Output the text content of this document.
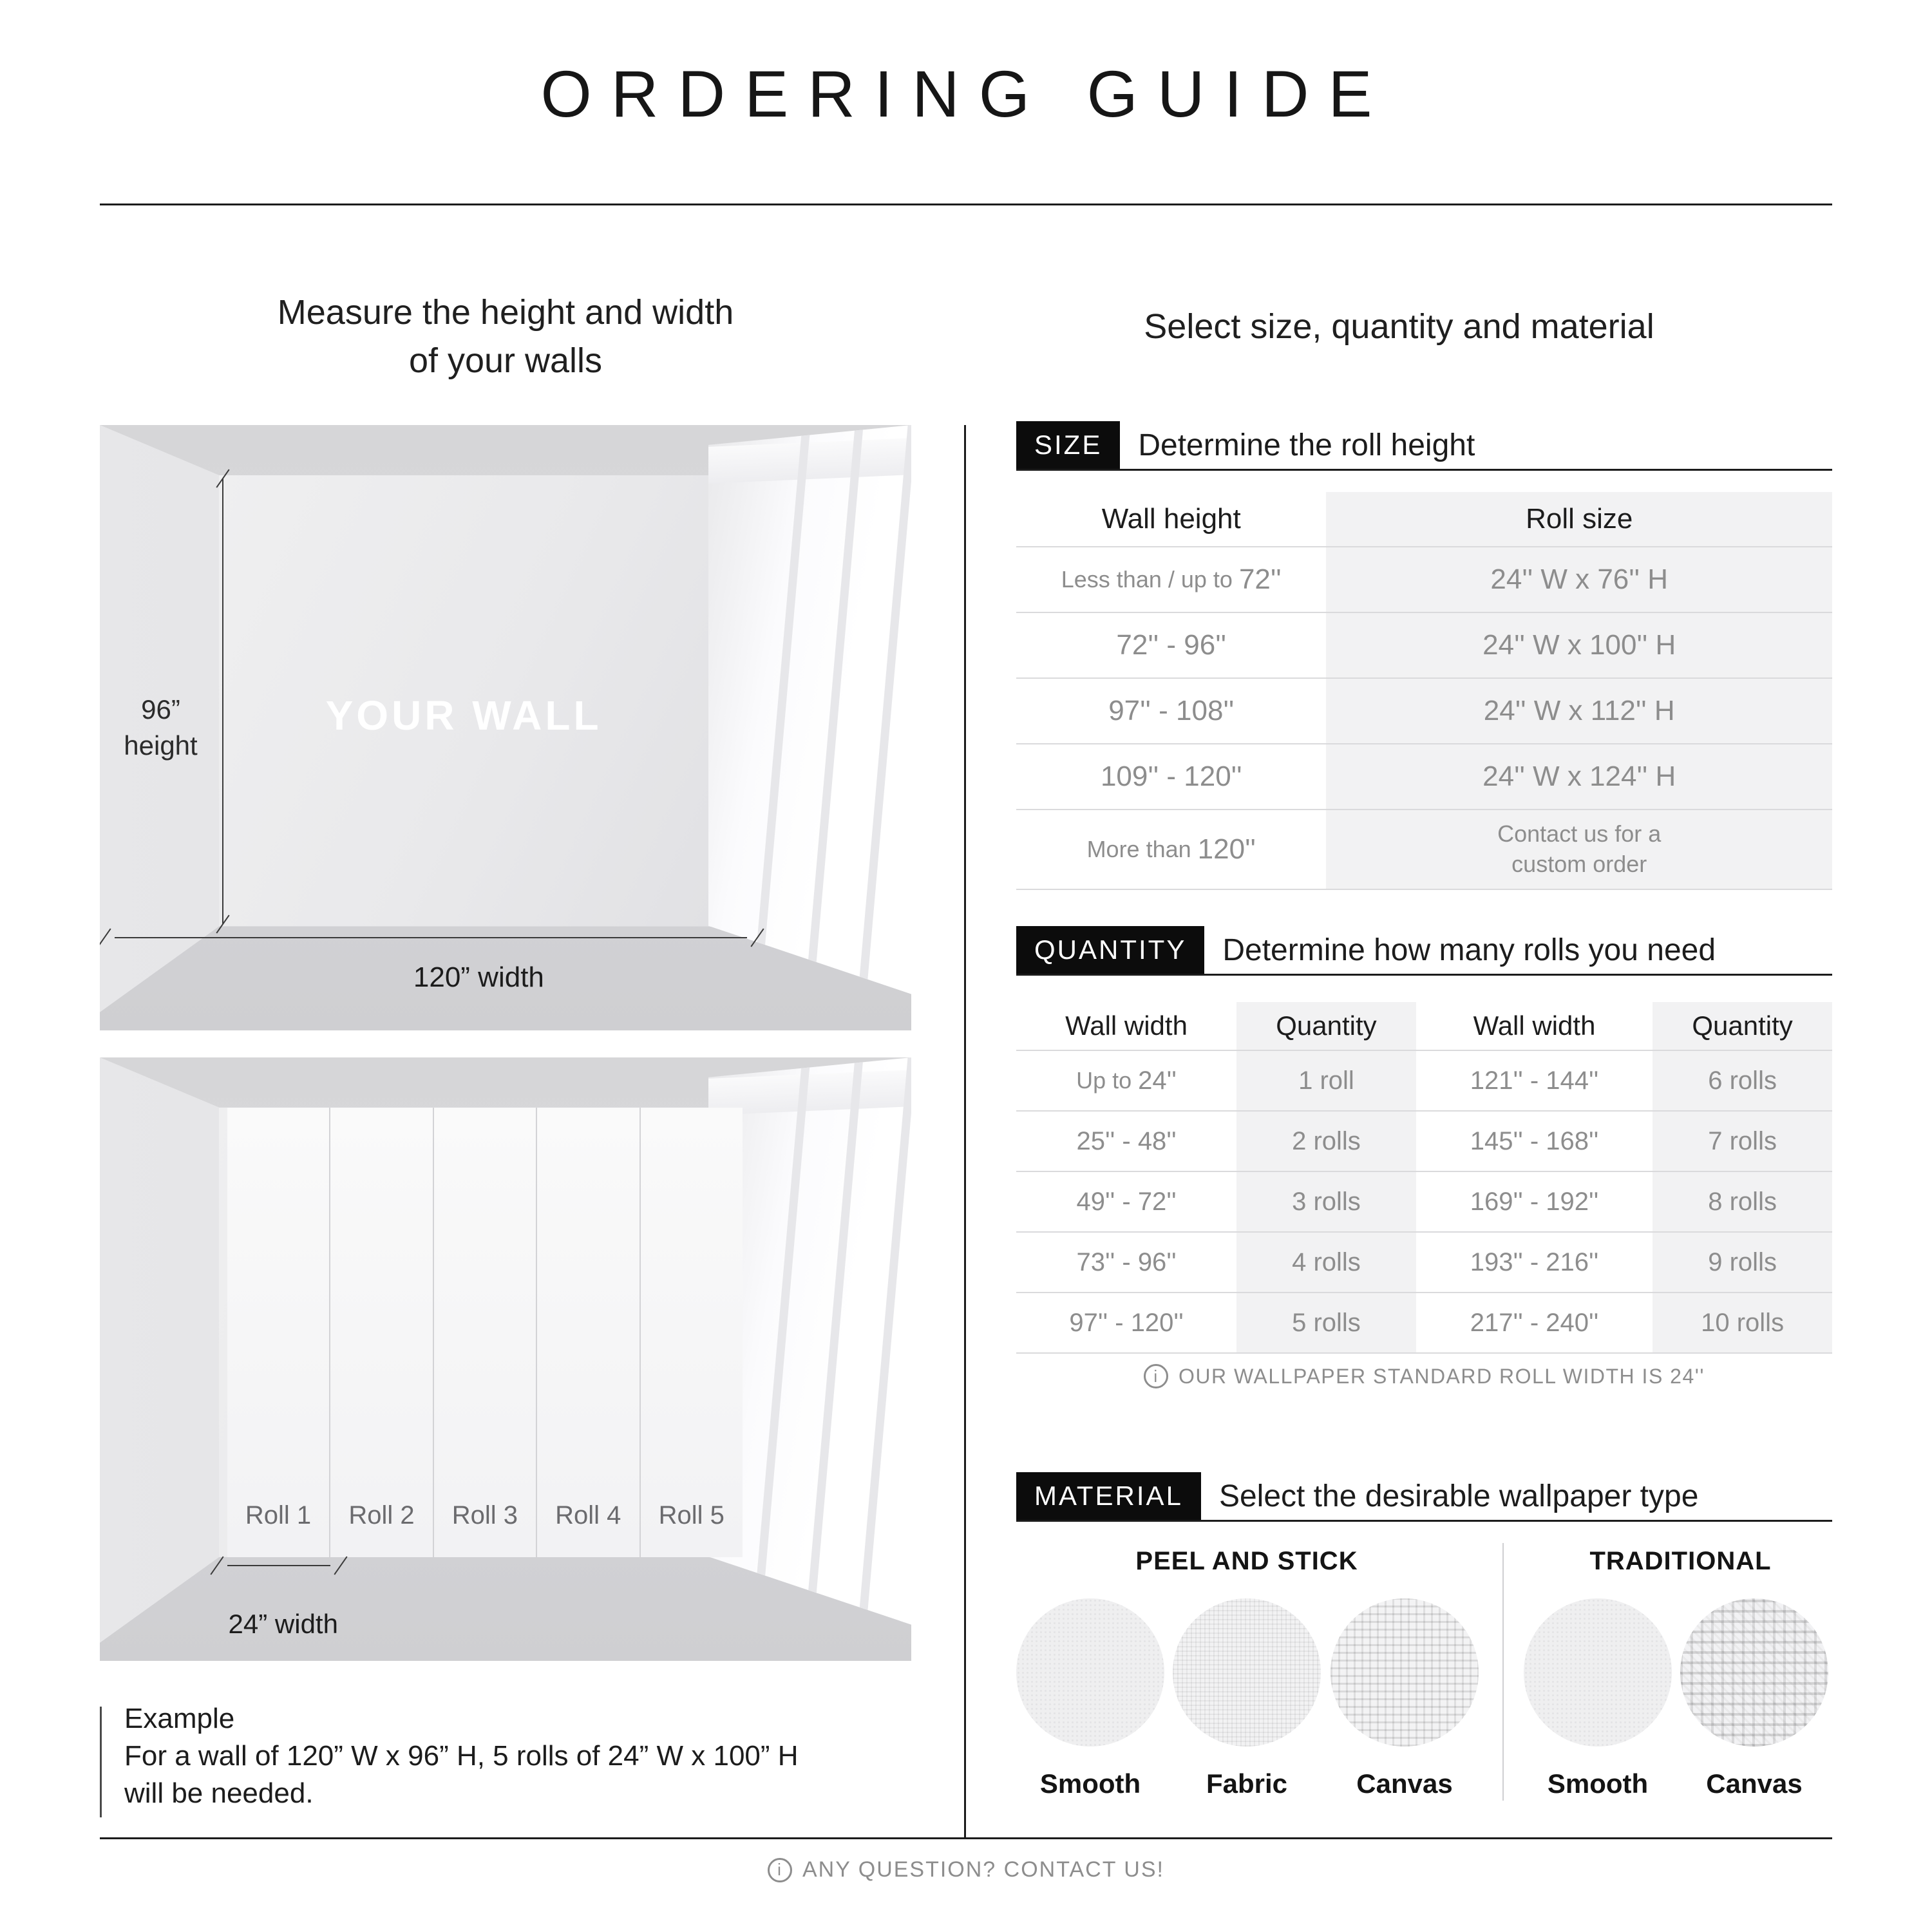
ORDERING GUIDE
Measure the height and width
of your walls
Select size, quantity and material
96”
height
YOUR WALL
120” width
Roll 1 Roll 2 Roll 3 Roll 4 Roll 5
24” width
Example
For a wall of 120” W x 96” H, 5 rolls of 24” W x 100” H
will be needed.
SIZE	Determine the roll height
Wall height	Roll size
Less than / up to 72''	24'' W x 76'' H
72'' - 96''	24'' W x 100'' H
97'' - 108''	24'' W x 112'' H
109'' - 120''	24'' W x 124'' H
More than 120''	Contact us for a
custom order
QUANTITY	Determine how many rolls you need
Wall width	Quantity	Wall width	Quantity
Up to 24''	1 roll	121'' - 144''	6 rolls
25'' - 48''	2 rolls	145'' - 168''	7 rolls
49'' - 72''	3 rolls	169'' - 192''	8 rolls
73'' - 96''	4 rolls	193'' - 216''	9 rolls
97'' - 120''	5 rolls	217'' - 240''	10 rolls
i OUR WALLPAPER STANDARD ROLL WIDTH IS 24''
MATERIAL	Select the desirable wallpaper type
PEEL AND STICK	TRADITIONAL
Smooth	Fabric	Canvas	Smooth	Canvas
i ANY QUESTION? CONTACT US!
